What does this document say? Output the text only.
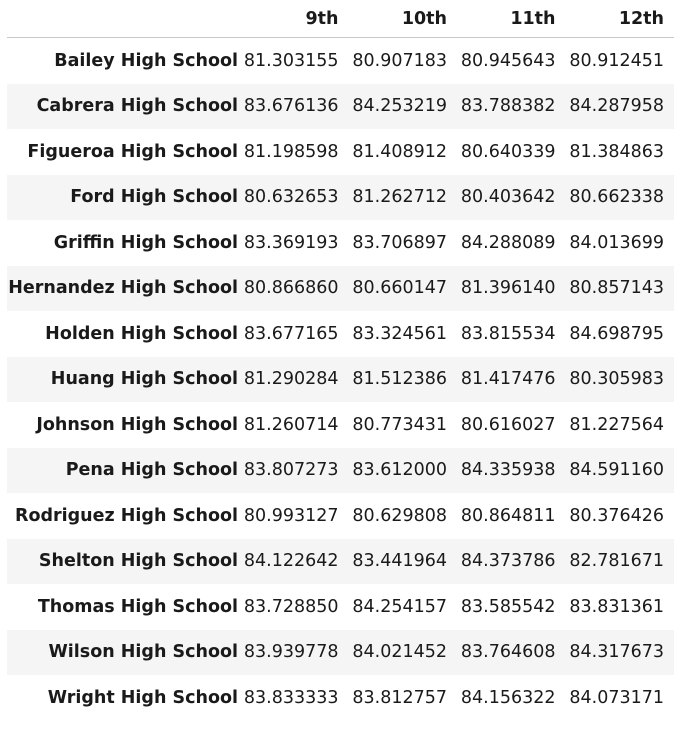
	9th	10th	11th	12th
Bailey High School	81.303155	80.907183	80.945643	80.912451
Cabrera High School	83.676136	84.253219	83.788382	84.287958
Figueroa High School	81.198598	81.408912	80.640339	81.384863
Ford High School	80.632653	81.262712	80.403642	80.662338
Griffin High School	83.369193	83.706897	84.288089	84.013699
Hernandez High School	80.866860	80.660147	81.396140	80.857143
Holden High School	83.677165	83.324561	83.815534	84.698795
Huang High School	81.290284	81.512386	81.417476	80.305983
Johnson High School	81.260714	80.773431	80.616027	81.227564
Pena High School	83.807273	83.612000	84.335938	84.591160
Rodriguez High School	80.993127	80.629808	80.864811	80.376426
Shelton High School	84.122642	83.441964	84.373786	82.781671
Thomas High School	83.728850	84.254157	83.585542	83.831361
Wilson High School	83.939778	84.021452	83.764608	84.317673
Wright High School	83.833333	83.812757	84.156322	84.073171
